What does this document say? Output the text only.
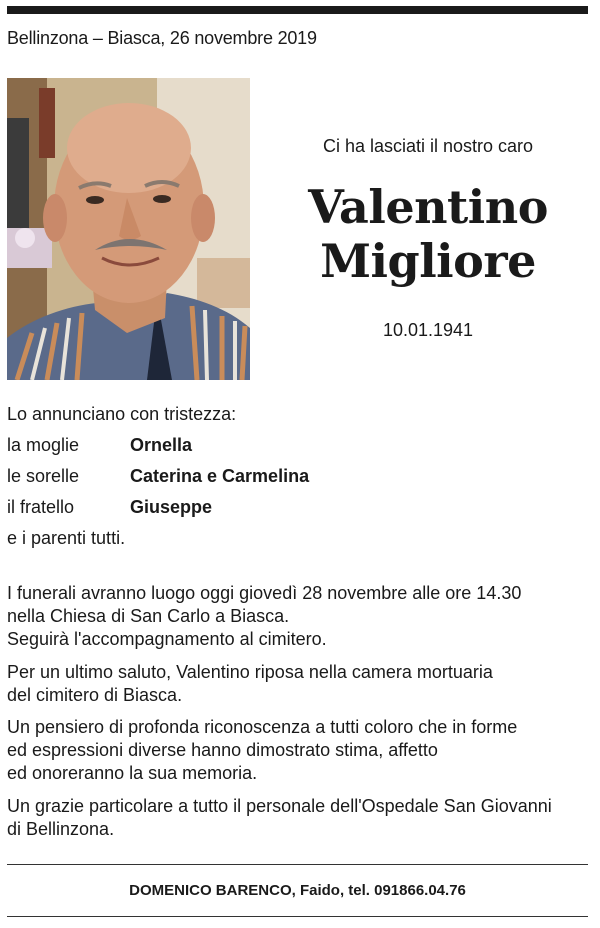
Bellinzona – Biasca, 26 novembre 2019
Ci ha lasciati il nostro caro
Valentino
Migliore
10.01.1941
Lo annunciano con tristezza:
la moglie	Ornella
le sorelle	Caterina e Carmelina
il fratello	Giuseppe
e i parenti tutti.
I funerali avranno luogo oggi giovedì 28 novembre alle ore 14.30
nella Chiesa di San Carlo a Biasca.
Seguirà l'accompagnamento al cimitero.
Per un ultimo saluto, Valentino riposa nella camera mortuaria
del cimitero di Biasca.
Un pensiero di profonda riconoscenza a tutti coloro che in forme
ed espressioni diverse hanno dimostrato stima, affetto
ed onoreranno la sua memoria.
Un grazie particolare a tutto il personale dell'Ospedale San Giovanni
di Bellinzona.
DOMENICO BARENCO, Faido, tel. 091866.04.76
